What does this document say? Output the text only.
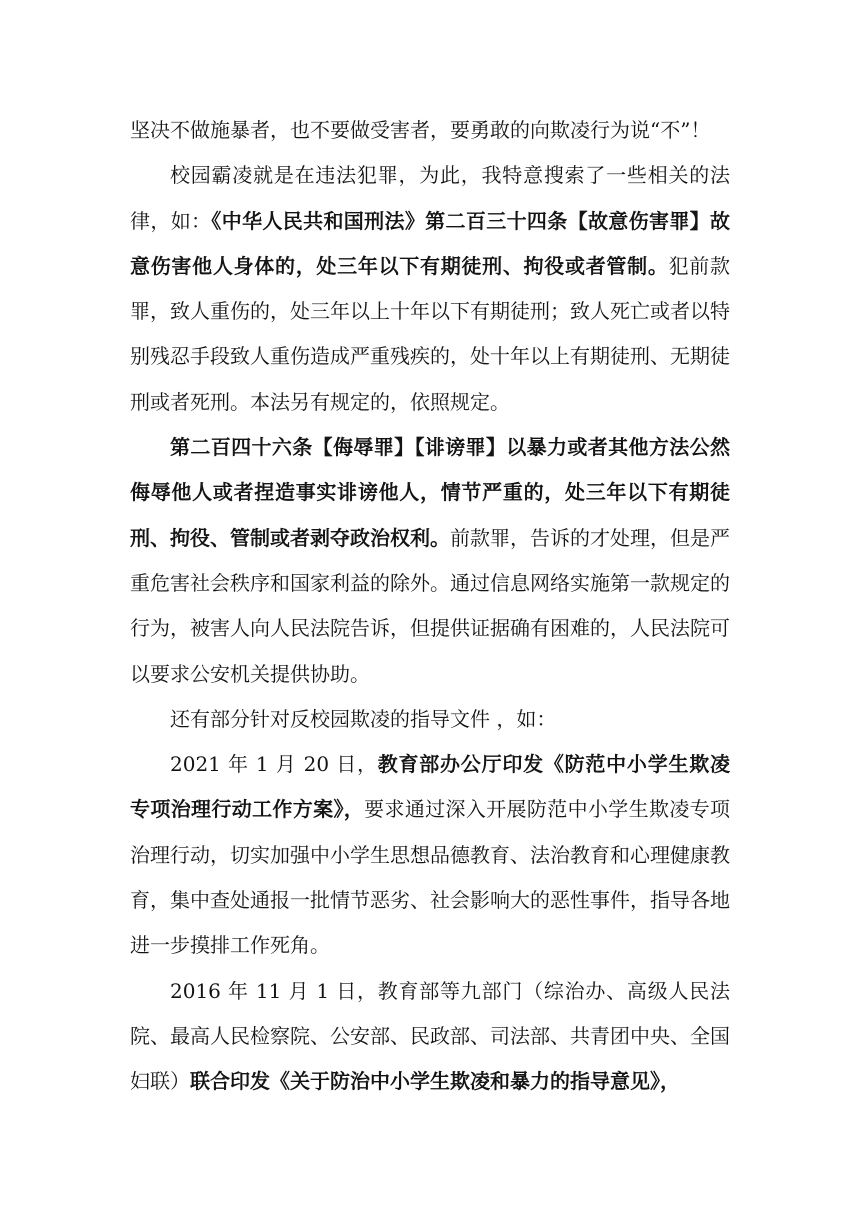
坚决不做施暴者，也不要做受害者，要勇敢的向欺凌行为说“不”！

校园霸凌就是在违法犯罪，为此，我特意搜索了一些相关的法律，如：《中华人民共和国刑法》第二百三十四条【故意伤害罪】故意伤害他人身体的，处三年以下有期徒刑、拘役或者管制。犯前款罪，致人重伤的，处三年以上十年以下有期徒刑；致人死亡或者以特别残忍手段致人重伤造成严重残疾的，处十年以上有期徒刑、无期徒刑或者死刑。本法另有规定的，依照规定。

第二百四十六条【侮辱罪】【诽谤罪】以暴力或者其他方法公然侮辱他人或者捏造事实诽谤他人，情节严重的，处三年以下有期徒刑、拘役、管制或者剥夺政治权利。前款罪，告诉的才处理，但是严重危害社会秩序和国家利益的除外。通过信息网络实施第一款规定的行为，被害人向人民法院告诉，但提供证据确有困难的，人民法院可以要求公安机关提供协助。

还有部分针对反校园欺凌的指导文件 ，如：

2021 年 1 月 20 日，教育部办公厅印发《防范中小学生欺凌专项治理行动工作方案》，要求通过深入开展防范中小学生欺凌专项治理行动，切实加强中小学生思想品德教育、法治教育和心理健康教育，集中查处通报一批情节恶劣、社会影响大的恶性事件，指导各地进一步摸排工作死角。

2016 年 11 月 1 日，教育部等九部门（综治办、高级人民法院、最高人民检察院、公安部、民政部、司法部、共青团中央、全国妇联）联合印发《关于防治中小学生欺凌和暴力的指导意见》，
